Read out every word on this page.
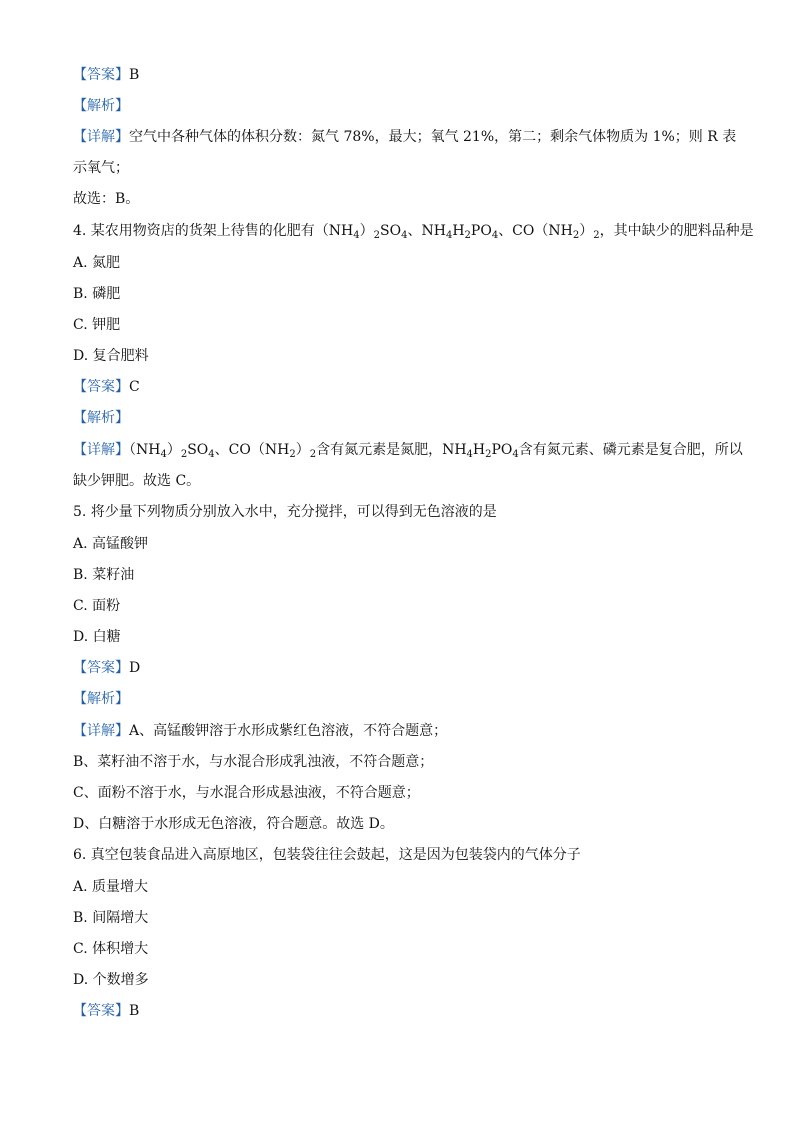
【答案】B
【解析】
【详解】空气中各种气体的体积分数：氮气 78%，最大；氧气 21%，第二；剩余气体物质为 1%；则 R 表
示氧气；
故选：B。
4. 某农用物资店的货架上待售的化肥有$(NH_4)_2SO_4$、$NH_4H_2PO_4$、$CO(NH_2)_2$，其中缺少的肥料品种是
A. 氮肥
B. 磷肥
C. 钾肥
D. 复合肥料
【答案】C
【解析】
【详解】$(NH_4)_2SO_4$、$CO(NH_2)_2$含有氮元素是氮肥，$NH_4H_2PO_4$含有氮元素、磷元素是复合肥，所以
缺少钾肥。故选 C。
5. 将少量下列物质分别放入水中，充分搅拌，可以得到无色溶液的是
A. 高锰酸钾
B. 菜籽油
C. 面粉
D. 白糖
【答案】D
【解析】
【详解】A、高锰酸钾溶于水形成紫红色溶液，不符合题意；
B、菜籽油不溶于水，与水混合形成乳浊液，不符合题意；
C、面粉不溶于水，与水混合形成悬浊液，不符合题意；
D、白糖溶于水形成无色溶液，符合题意。故选 D。
6. 真空包装食品进入高原地区，包装袋往往会鼓起，这是因为包装袋内的气体分子
A. 质量增大
B. 间隔增大
C. 体积增大
D. 个数增多
【答案】B
